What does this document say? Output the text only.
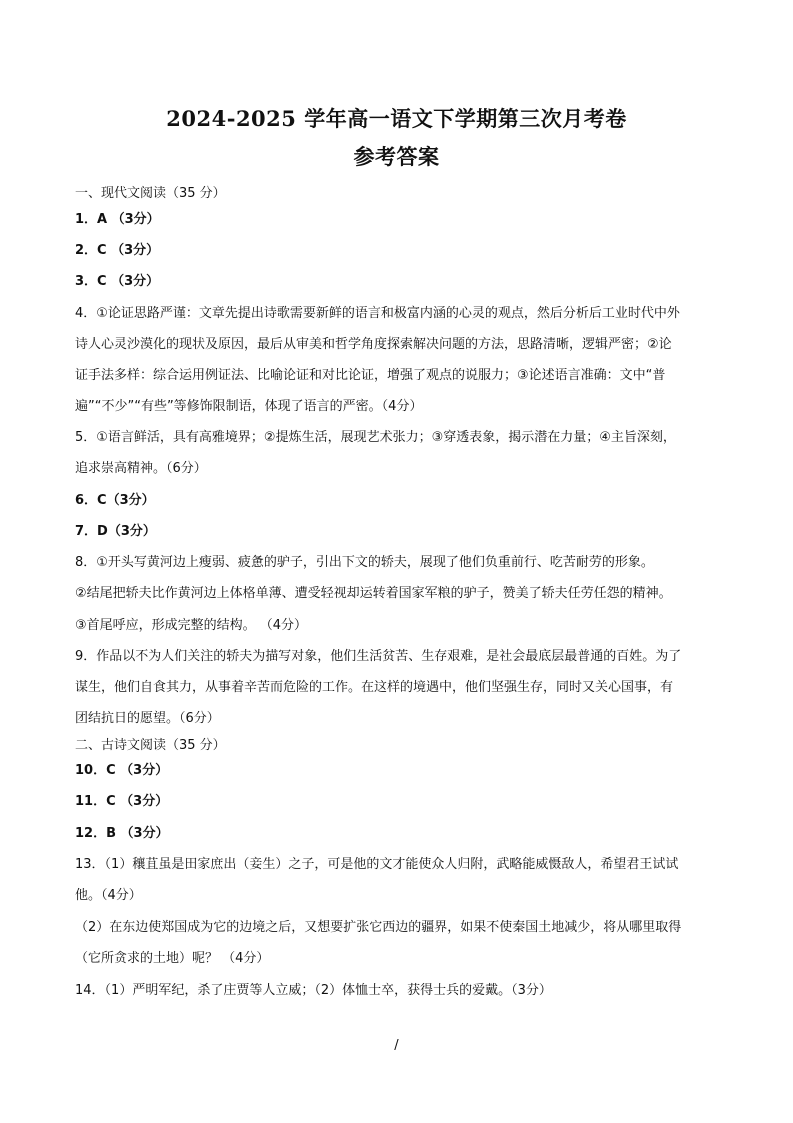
2024-2025 学年高一语文下学期第三次月考卷
参考答案
一、现代文阅读（35 分）
1．A （3分）
2．C （3分）
3．C （3分）
4．①论证思路严谨：文章先提出诗歌需要新鲜的语言和极富内涵的心灵的观点，然后分析后工业时代中外
诗人心灵沙漠化的现状及原因，最后从审美和哲学角度探索解决问题的方法，思路清晰，逻辑严密；②论
证手法多样：综合运用例证法、比喻论证和对比论证，增强了观点的说服力；③论述语言准确：文中“普
遍”“不少”“有些”等修饰限制语，体现了语言的严密。（4分）
5．①语言鲜活，具有高雅境界；②提炼生活，展现艺术张力；③穿透表象，揭示潜在力量；④主旨深刻，
追求崇高精神。（6分）
6．C（3分）
7．D（3分）
8．①开头写黄河边上瘦弱、疲惫的驴子，引出下文的轿夫，展现了他们负重前行、吃苦耐劳的形象。
②结尾把轿夫比作黄河边上体格单薄、遭受轻视却运转着国家军粮的驴子，赞美了轿夫任劳任怨的精神。
③首尾呼应，形成完整的结构。 （4分）
9．作品以不为人们关注的轿夫为描写对象，他们生活贫苦、生存艰难，是社会最底层最普通的百姓。为了
谋生，他们自食其力，从事着辛苦而危险的工作。在这样的境遇中，他们坚强生存，同时又关心国事，有
团结抗日的愿望。（6分）
二、古诗文阅读（35 分）
10．C （3分）
11．C （3分）
12．B （3分）
13．（1）穰苴虽是田家庶出（妾生）之子，可是他的文才能使众人归附，武略能威慑敌人，希望君王试试
他。（4分）
（2）在东边使郑国成为它的边境之后，又想要扩张它西边的疆界，如果不使秦国土地减少，将从哪里取得
（它所贪求的土地）呢？ （4分）
14．（1）严明军纪，杀了庄贾等人立威；（2）体恤士卒，获得士兵的爱戴。（3分）
/
